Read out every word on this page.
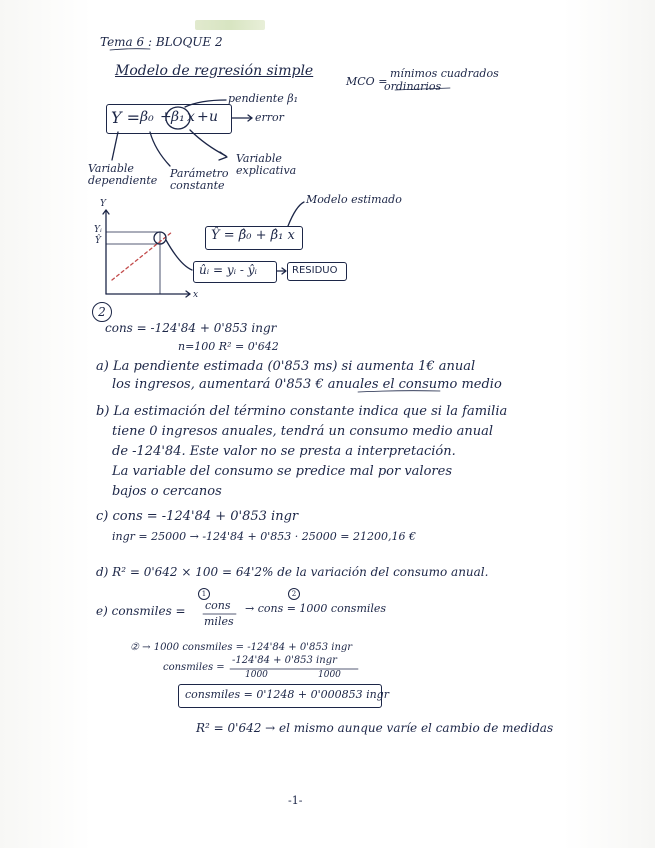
Tema 6 : BLOQUE 2
Modelo de regresión simple
MCO =
mínimos cuadrados
ordinarios
Y = β₀ + β₁ x + u
pendiente β₁
error
Variable dependiente
Parámetro constante
Variable explicativa
Y
Yᵢ
Ŷ
x
Modelo estimado
Ŷ = β̂₀ + β̂₁ x
ûᵢ = yᵢ - ŷᵢ	RESIDUO
2
cons = -124'84 + 0'853 ingr
n=100 R² = 0'642
a) La pendiente estimada (0'853 ms) si aumenta 1€ anual
los ingresos, aumentará 0'853 € anuales el consumo medio
b) La estimación del término constante indica que si la familia
tiene 0 ingresos anuales, tendrá un consumo medio anual
de -124'84. Este valor no se presta a interpretación.
La variable del consumo se predice mal por valores
bajos o cercanos
c) cons = -124'84 + 0'853 ingr
ingr = 25000 → -124'84 + 0'853 · 25000 = 21200,16 €
d) R² = 0'642 × 100 = 64'2% de la variación del consumo anual.
1	2
e) consmiles = cons
miles
→ cons = 1000 consmiles
② → 1000 consmiles = -124'84 + 0'853 ingr
consmiles =
-124'84 + 0'853 ingr
1000	1000
consmiles = 0'1248 + 0'000853 ingr
R² = 0'642 → el mismo aunque varíe el cambio de medidas
-1-
